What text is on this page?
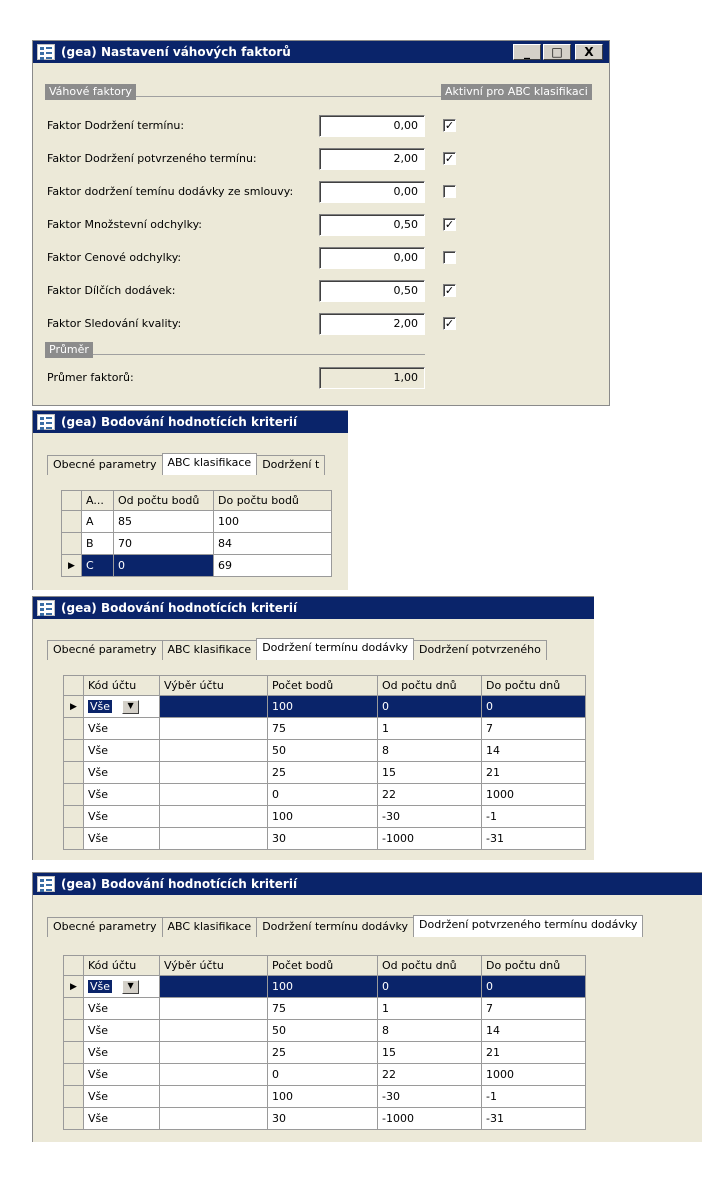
(gea) Nastavení váhových faktorů	_	□	X
Váhové faktory	Aktivní pro ABC klasifikaci
Faktor Dodržení termínu:	0,00	✓
Faktor Dodržení potvrzeného termínu:	2,00	✓
Faktor dodržení temínu dodávky ze smlouvy:	0,00
Faktor Množstevní odchylky:	0,50	✓
Faktor Cenové odchylky:	0,00
Faktor Dílčích dodávek:	0,50	✓
Faktor Sledování kvality:	2,00	✓
Průměr
Průmer faktorů:	1,00
(gea) Bodování hodnotících kriterií
Obecné parametry	ABC klasifikace	Dodržení t
	A...	Od počtu bodů	Do počtu bodů
	A	85	100
	B	70	84
▶	C	0	69
(gea) Bodování hodnotících kriterií
Obecné parametry	ABC klasifikace	Dodržení termínu dodávky	Dodržení potvrzeného
	Kód účtu	Výběr účtu	Počet bodů	Od počtu dnů	Do počtu dnů
▶	Vše ▼		100	0	0
	Vše		75	1	7
	Vše		50	8	14
	Vše		25	15	21
	Vše		0	22	1000
	Vše		100	-30	-1
	Vše		30	-1000	-31
(gea) Bodování hodnotících kriterií
Obecné parametry	ABC klasifikace	Dodržení termínu dodávky	Dodržení potvrzeného termínu dodávky
	Kód účtu	Výběr účtu	Počet bodů	Od počtu dnů	Do počtu dnů
▶	Vše ▼		100	0	0
	Vše		75	1	7
	Vše		50	8	14
	Vše		25	15	21
	Vše		0	22	1000
	Vše		100	-30	-1
	Vše		30	-1000	-31
